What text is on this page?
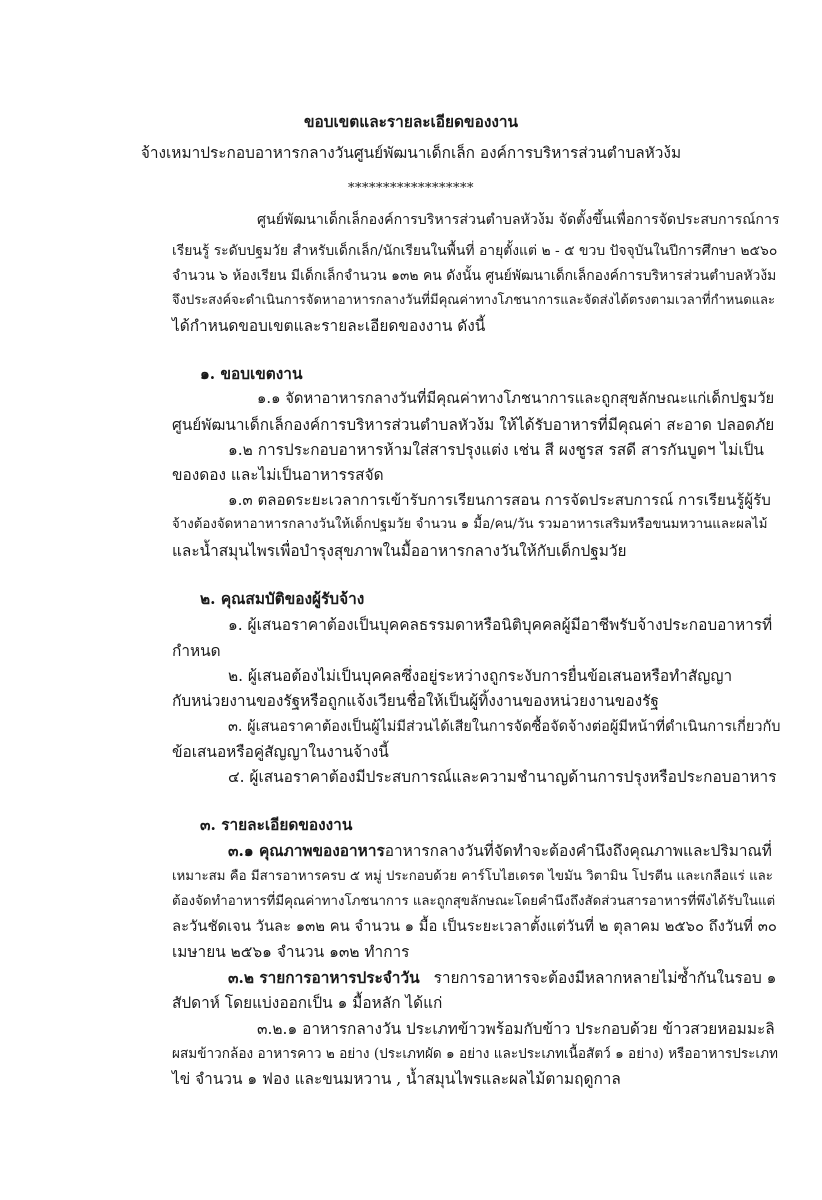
ขอบเขตและรายละเอียดของงาน
จ้างเหมาประกอบอาหารกลางวันศูนย์พัฒนาเด็กเล็ก องค์การบริหารส่วนตำบลหัวง้ม
******************
ศูนย์พัฒนาเด็กเล็กองค์การบริหารส่วนตำบลหัวง้ม จัดตั้งขึ้นเพื่อการจัดประสบการณ์การ
เรียนรู้ ระดับปฐมวัย สำหรับเด็กเล็ก/นักเรียนในพื้นที่ อายุตั้งแต่ ๒ - ๕ ขวบ ปัจจุบันในปีการศึกษา ๒๕๖๐
จำนวน ๖ ห้องเรียน มีเด็กเล็กจำนวน ๑๓๒ คน ดังนั้น ศูนย์พัฒนาเด็กเล็กองค์การบริหารส่วนตำบลหัวง้ม
จึงประสงค์จะดำเนินการจัดหาอาหารกลางวันที่มีคุณค่าทางโภชนาการและจัดส่งได้ตรงตามเวลาที่กำหนดและ
ได้กำหนดขอบเขตและรายละเอียดของงาน ดังนี้
๑. ขอบเขตงาน
๑.๑ จัดหาอาหารกลางวันที่มีคุณค่าทางโภชนาการและถูกสุขลักษณะแก่เด็กปฐมวัย
ศูนย์พัฒนาเด็กเล็กองค์การบริหารส่วนตำบลหัวง้ม ให้ได้รับอาหารที่มีคุณค่า สะอาด ปลอดภัย
๑.๒ การประกอบอาหารห้ามใส่สารปรุงแต่ง เช่น สี ผงชูรส รสดี สารกันบูดฯ ไม่เป็น
ของดอง และไม่เป็นอาหารรสจัด
๑.๓ ตลอดระยะเวลาการเข้ารับการเรียนการสอน การจัดประสบการณ์ การเรียนรู้ผู้รับ
จ้างต้องจัดหาอาหารกลางวันให้เด็กปฐมวัย จำนวน ๑ มื้อ/คน/วัน รวมอาหารเสริมหรือขนมหวานและผลไม้
และน้ำสมุนไพรเพื่อบำรุงสุขภาพในมื้ออาหารกลางวันให้กับเด็กปฐมวัย
๒. คุณสมบัติของผู้รับจ้าง
๑. ผู้เสนอราคาต้องเป็นบุคคลธรรมดาหรือนิติบุคคลผู้มีอาชีพรับจ้างประกอบอาหารที่
กำหนด
๒. ผู้เสนอต้องไม่เป็นบุคคลซึ่งอยู่ระหว่างถูกระงับการยื่นข้อเสนอหรือทำสัญญา
กับหน่วยงานของรัฐหรือถูกแจ้งเวียนชื่อให้เป็นผู้ทิ้งงานของหน่วยงานของรัฐ
๓. ผู้เสนอราคาต้องเป็นผู้ไม่มีส่วนได้เสียในการจัดซื้อจัดจ้างต่อผู้มีหน้าที่ดำเนินการเกี่ยวกับ
ข้อเสนอหรือคู่สัญญาในงานจ้างนี้
๔. ผู้เสนอราคาต้องมีประสบการณ์และความชำนาญด้านการปรุงหรือประกอบอาหาร
๓. รายละเอียดของงาน
๓.๑ คุณภาพของอาหารอาหารกลางวันที่จัดทำจะต้องคำนึงถึงคุณภาพและปริมาณที่
เหมาะสม คือ มีสารอาหารครบ ๕ หมู่ ประกอบด้วย คาร์โบไฮเดรต ไขมัน วิตามิน โปรตีน และเกลือแร่ และ
ต้องจัดทำอาหารที่มีคุณค่าทางโภชนาการ และถูกสุขลักษณะโดยคำนึงถึงสัดส่วนสารอาหารที่พึงได้รับในแต่
ละวันชัดเจน วันละ ๑๓๒ คน จำนวน ๑ มื้อ เป็นระยะเวลาตั้งแต่วันที่ ๒ ตุลาคม ๒๕๖๐ ถึงวันที่ ๓๐
เมษายน ๒๕๖๑ จำนวน ๑๓๒ ทำการ
๓.๒ รายการอาหารประจำวัน รายการอาหารจะต้องมีหลากหลายไม่ซ้ำกันในรอบ ๑
สัปดาห์ โดยแบ่งออกเป็น ๑ มื้อหลัก ได้แก่
๓.๒.๑ อาหารกลางวัน ประเภทข้าวพร้อมกับข้าว ประกอบด้วย ข้าวสวยหอมมะลิ
ผสมข้าวกล้อง อาหารคาว ๒ อย่าง (ประเภทผัด ๑ อย่าง และประเภทเนื้อสัตว์ ๑ อย่าง) หรืออาหารประเภท
ไข่ จำนวน ๑ ฟอง และขนมหวาน , น้ำสมุนไพรและผลไม้ตามฤดูกาล
